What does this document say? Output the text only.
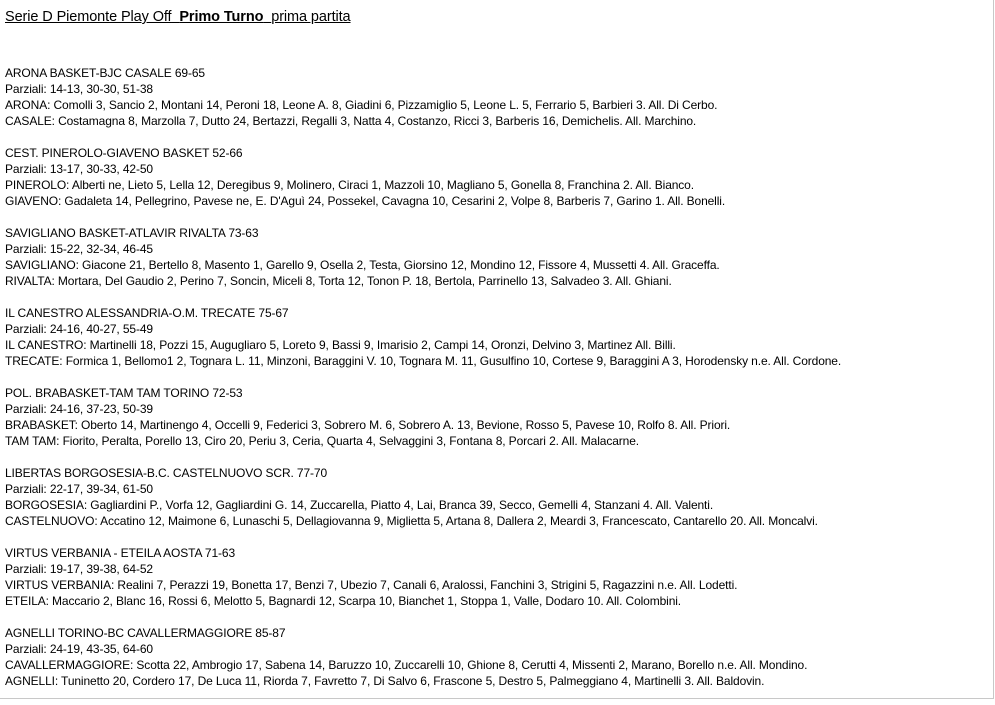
Serie D Piemonte Play Off Primo Turno prima partita
ARONA BASKET-BJC CASALE 69-65
Parziali: 14-13, 30-30, 51-38
ARONA: Comolli 3, Sancio 2, Montani 14, Peroni 18, Leone A. 8, Giadini 6, Pizzamiglio 5, Leone L. 5, Ferrario 5, Barbieri 3. All. Di Cerbo.
CASALE: Costamagna 8, Marzolla 7, Dutto 24, Bertazzi, Regalli 3, Natta 4, Costanzo, Ricci 3, Barberis 16, Demichelis. All. Marchino.
CEST. PINEROLO-GIAVENO BASKET 52-66
Parziali: 13-17, 30-33, 42-50
PINEROLO: Alberti ne, Lieto 5, Lella 12, Deregibus 9, Molinero, Ciraci 1, Mazzoli 10, Magliano 5, Gonella 8, Franchina 2. All. Bianco.
GIAVENO: Gadaleta 14, Pellegrino, Pavese ne, E. D'Aguì 24, Possekel, Cavagna 10, Cesarini 2, Volpe 8, Barberis 7, Garino 1. All. Bonelli.
SAVIGLIANO BASKET-ATLAVIR RIVALTA 73-63
Parziali: 15-22, 32-34, 46-45
SAVIGLIANO: Giacone 21, Bertello 8, Masento 1, Garello 9, Osella 2, Testa, Giorsino 12, Mondino 12, Fissore 4, Mussetti 4. All. Graceffa.
RIVALTA: Mortara, Del Gaudio 2, Perino 7, Soncin, Miceli 8, Torta 12, Tonon P. 18, Bertola, Parrinello 13, Salvadeo 3. All. Ghiani.
IL CANESTRO ALESSANDRIA-O.M. TRECATE 75-67
Parziali: 24-16, 40-27, 55-49
IL CANESTRO: Martinelli 18, Pozzi 15, Augugliaro 5, Loreto 9, Bassi 9, Imarisio 2, Campi 14, Oronzi, Delvino 3, Martinez All. Billi.
TRECATE: Formica 1, Bellomo1 2, Tognara L. 11, Minzoni, Baraggini V. 10, Tognara M. 11, Gusulfino 10, Cortese 9, Baraggini A 3, Horodensky n.e. All. Cordone.
POL. BRABASKET-TAM TAM TORINO 72-53
Parziali: 24-16, 37-23, 50-39
BRABASKET: Oberto 14, Martinengo 4, Occelli 9, Federici 3, Sobrero M. 6, Sobrero A. 13, Bevione, Rosso 5, Pavese 10, Rolfo 8. All. Priori.
TAM TAM: Fiorito, Peralta, Porello 13, Ciro 20, Periu 3, Ceria, Quarta 4, Selvaggini 3, Fontana 8, Porcari 2. All. Malacarne.
LIBERTAS BORGOSESIA-B.C. CASTELNUOVO SCR. 77-70
Parziali: 22-17, 39-34, 61-50
BORGOSESIA: Gagliardini P., Vorfa 12, Gagliardini G. 14, Zuccarella, Piatto 4, Lai, Branca 39, Secco, Gemelli 4, Stanzani 4. All. Valenti.
CASTELNUOVO: Accatino 12, Maimone 6, Lunaschi 5, Dellagiovanna 9, Miglietta 5, Artana 8, Dallera 2, Meardi 3, Francescato, Cantarello 20. All. Moncalvi.
VIRTUS VERBANIA - ETEILA AOSTA 71-63
Parziali: 19-17, 39-38, 64-52
VIRTUS VERBANIA: Realini 7, Perazzi 19, Bonetta 17, Benzi 7, Ubezio 7, Canali 6, Aralossi, Fanchini 3, Strigini 5, Ragazzini n.e. All. Lodetti.
ETEILA: Maccario 2, Blanc 16, Rossi 6, Melotto 5, Bagnardi 12, Scarpa 10, Bianchet 1, Stoppa 1, Valle, Dodaro 10. All. Colombini.
AGNELLI TORINO-BC CAVALLERMAGGIORE 85-87
Parziali: 24-19, 43-35, 64-60
CAVALLERMAGGIORE: Scotta 22, Ambrogio 17, Sabena 14, Baruzzo 10, Zuccarelli 10, Ghione 8, Cerutti 4, Missenti 2, Marano, Borello n.e. All. Mondino.
AGNELLI: Tuninetto 20, Cordero 17, De Luca 11, Riorda 7, Favretto 7, Di Salvo 6, Frascone 5, Destro 5, Palmeggiano 4, Martinelli 3. All. Baldovin.
